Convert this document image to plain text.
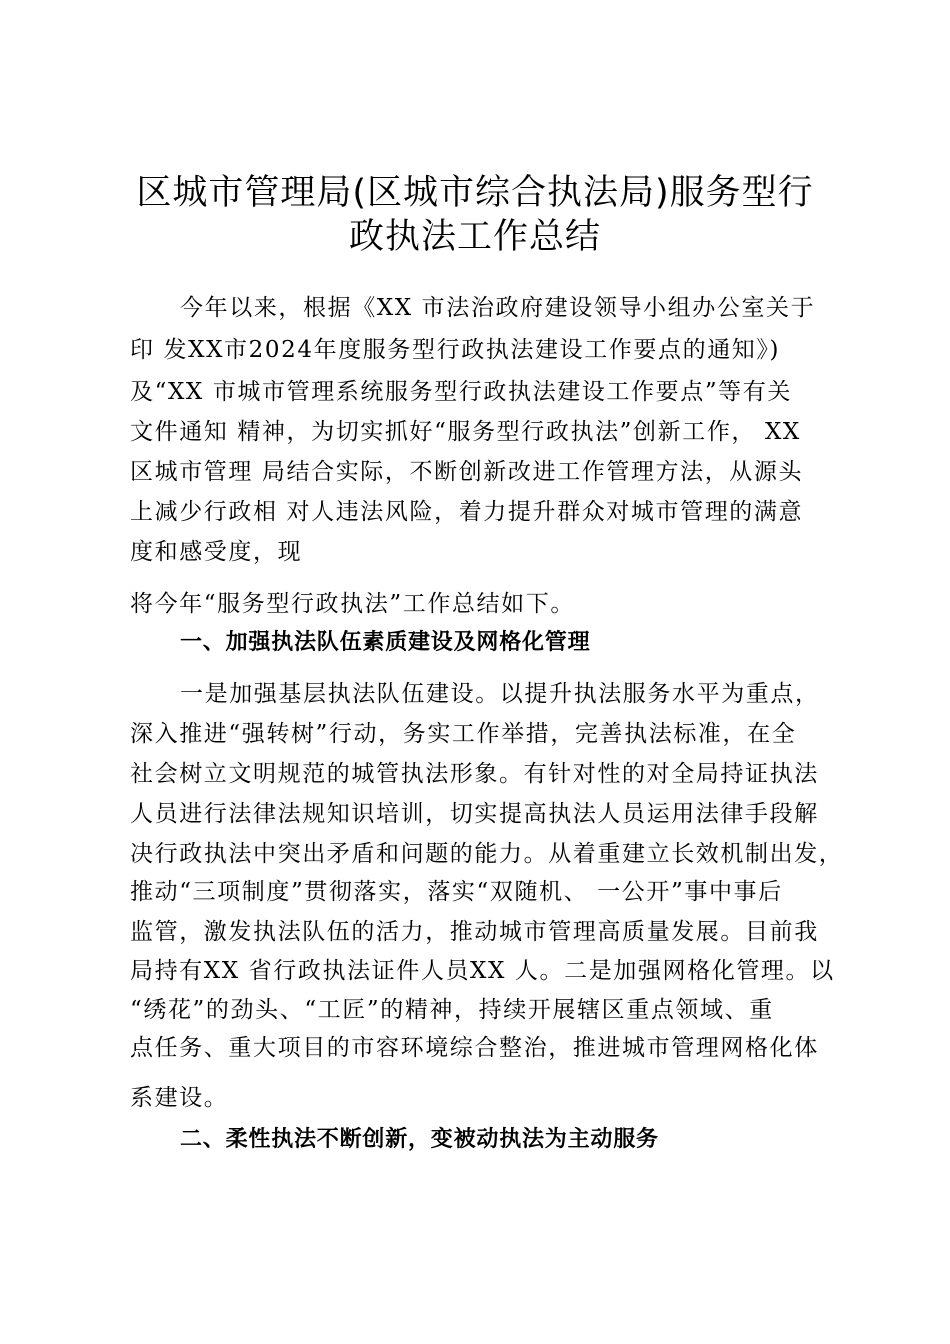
区城市管理局(区城市综合执法局)服务型行
政执法工作总结
今年以来，根据《XX 市法治政府建设领导小组办公室关于
印 发XX市2024年度服务型行政执法建设工作要点的通知》)
及“XX 市城市管理系统服务型行政执法建设工作要点”等有关
文件通知 精神，为切实抓好“服务型行政执法”创新工作， XX
区城市管理 局结合实际，不断创新改进工作管理方法，从源头
上减少行政相 对人违法风险，着力提升群众对城市管理的满意
度和感受度，现
将今年“服务型行政执法”工作总结如下。
一、加强执法队伍素质建设及网格化管理
一是加强基层执法队伍建设。以提升执法服务水平为重点，
深入推进“强转树”行动，务实工作举措，完善执法标准，在全
社会树立文明规范的城管执法形象。有针对性的对全局持证执法
人员进行法律法规知识培训，切实提高执法人员运用法律手段解
决行政执法中突出矛盾和问题的能力。从着重建立长效机制出发，
推动“三项制度”贯彻落实，落实“双随机、 一公开”事中事后
监管，激发执法队伍的活力，推动城市管理高质量发展。目前我
局持有XX 省行政执法证件人员XX 人。二是加强网格化管理。以
“绣花”的劲头、“工匠”的精神，持续开展辖区重点领域、重
点任务、重大项目的市容环境综合整治，推进城市管理网格化体
系建设。
二、柔性执法不断创新，变被动执法为主动服务
